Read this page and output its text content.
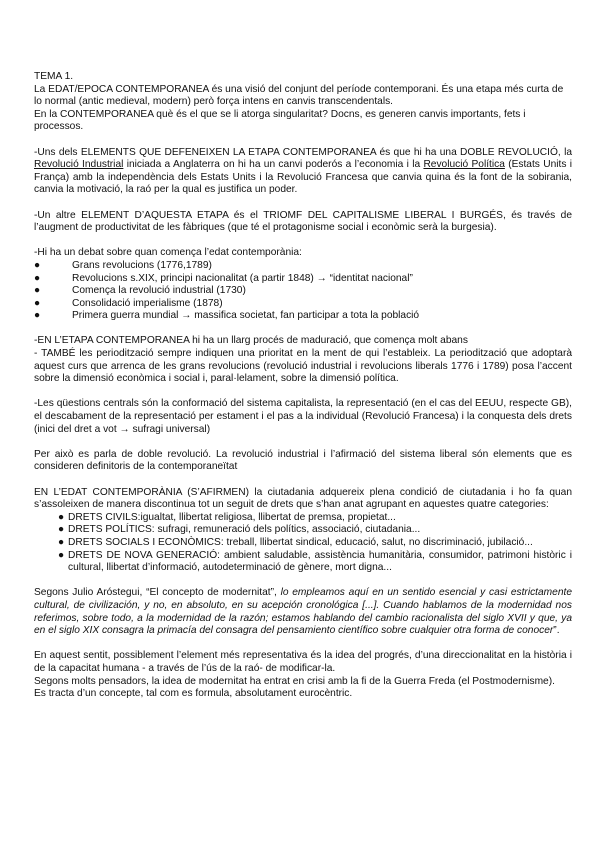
TEMA 1.

La EDAT/EPOCA CONTEMPORANEA és una visió del conjunt del període contemporani. És una etapa més curta de lo normal (antic medieval, modern) però força intens en canvis transcendentals.

En la CONTEMPORANEA què és el que se li atorga singularitat? Docns, es generen canvis importants, fets i processos.

-Uns dels ELEMENTS QUE DEFENEIXEN LA ETAPA CONTEMPORANEA és que hi ha una DOBLE REVOLUCIÓ, la Revolució Industrial iniciada a Anglaterra on hi ha un canvi poderós a l’economia i la Revolució Política (Estats Units i França) amb la independència dels Estats Units i la Revolució Francesa que canvia quina és la font de la sobirania, canvia la motivació, la raó per la qual es justifica un poder.

-Un altre ELEMENT D’AQUESTA ETAPA és el TRIOMF DEL CAPITALISME LIBERAL I BURGÉS, és través de l’augment de productivitat de les fàbriques (que té el protagonisme social i econòmic serà la burgesia).

-Hi ha un debat sobre quan comença l’edat contemporània:

●	Grans revolucions (1776,1789)
●	Revolucions s.XIX, principi nacionalitat (a partir 1848) → “identitat nacional”
●	Comença la revolució industrial (1730)
●	Consolidació imperialisme (1878)
●	Primera guerra mundial → massifica societat, fan participar a tota la població

-EN L’ETAPA CONTEMPORANEA hi ha un llarg procés de maduració, que comença molt abans

- TAMBÉ les periodització sempre indiquen una prioritat en la ment de qui l’estableix. La periodització que adoptarà aquest curs que arrenca de les grans revolucions (revolució industrial i revolucions liberals 1776 i 1789) posa l’accent sobre la dimensió econòmica i social i, paral·lelament, sobre la dimensió política.

-Les qüestions centrals són la conformació del sistema capitalista, la representació (en el cas del EEUU, respecte GB), el descabament de la representació per estament i el pas a la individual (Revolució Francesa) i la conquesta dels drets (inici del dret a vot → sufragi universal)

Per això es parla de doble revolució. La revolució industrial i l’afirmació del sistema liberal són elements que es consideren definitoris de la contemporaneïtat

EN L’EDAT CONTEMPORÀNIA (S’AFIRMEN) la ciutadania adquereix plena condició de ciutadania i ho fa quan s’assoleixen de manera discontinua tot un seguit de drets que s’han anat agrupant en aquestes quatre categories:

● DRETS CIVILS:igualtat, llibertat religiosa, llibertat de premsa, propietat...
● DRETS POLÍTICS: sufragi, remuneració dels polítics, associació, ciutadania...
● DRETS SOCIALS I ECONÒMICS: treball, llibertat sindical, educació, salut, no discriminació, jubilació...
● DRETS DE NOVA GENERACIÓ: ambient saludable, assistència humanitària, consumidor, patrimoni històric i cultural, llibertat d’informació, autodeterminació de gènere, mort digna...

Segons Julio Aróstegui, “El concepto de modernitat”, lo empleamos aquí en un sentido esencial y casi estrictamente cultural, de civilización, y no, en absoluto, en su acepción cronológica [...]. Cuando hablamos de la modernidad nos referimos, sobre todo, a la modernidad de la razón; estamos hablando del cambio racionalista del siglo XVII y que, ya en el siglo XIX consagra la primacía del consagra del pensamiento científico sobre cualquier otra forma de conocer”.

En aquest sentit, possiblement l’element més representativa és la idea del progrés, d’una direccionalitat en la història i de la capacitat humana - a través de l’ús de la raó- de modificar-la.

Segons molts pensadors, la idea de modernitat ha entrat en crisi amb la fi de la Guerra Freda (el Postmodernisme).

Es tracta d’un concepte, tal com es formula, absolutament eurocèntric.
